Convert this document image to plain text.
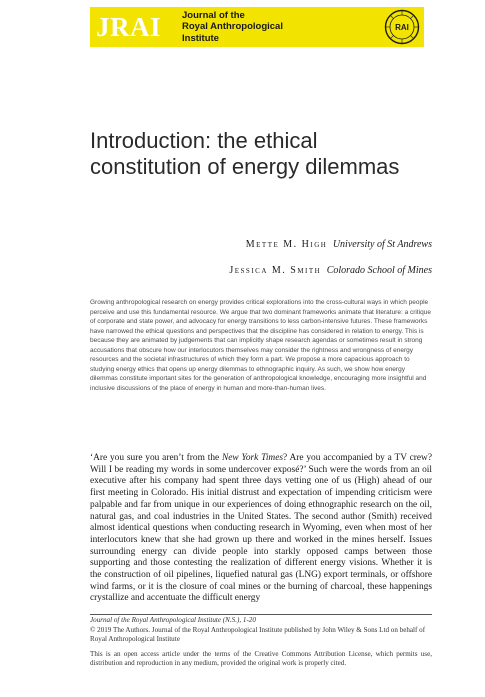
JRAI	Journal of the
Royal Anthropological
Institute
RAI
Introduction: the ethical constitution of energy dilemmas
Mette M. High University of St Andrews
Jessica M. Smith Colorado School of Mines

Growing anthropological research on energy provides critical explorations into the cross-cultural ways in which people perceive and use this fundamental resource. We argue that two dominant frameworks animate that literature: a critique of corporate and state power, and advocacy for energy transitions to less carbon-intensive futures. These frameworks have narrowed the ethical questions and perspectives that the discipline has considered in relation to energy. This is because they are animated by judgements that can implicitly shape research agendas or sometimes result in strong accusations that obscure how our interlocutors themselves may consider the rightness and wrongness of energy resources and the societal infrastructures of which they form a part. We propose a more capacious approach to studying energy ethics that opens up energy dilemmas to ethnographic inquiry. As such, we show how energy dilemmas constitute important sites for the generation of anthropological knowledge, encouraging more insightful and inclusive discussions of the place of energy in human and more-than-human lives.

‘Are you sure you aren’t from the New York Times? Are you accompanied by a TV crew? Will I be reading my words in some undercover exposé?’ Such were the words from an oil executive after his company had spent three days vetting one of us (High) ahead of our first meeting in Colorado. His initial distrust and expectation of impending criticism were palpable and far from unique in our experiences of doing ethnographic research on the oil, natural gas, and coal industries in the United States. The second author (Smith) received almost identical questions when conducting research in Wyoming, even when most of her interlocutors knew that she had grown up there and worked in the mines herself. Issues surrounding energy can divide people into starkly opposed camps between those supporting and those contesting the realization of different energy visions. Whether it is the construction of oil pipelines, liquefied natural gas (LNG) export terminals, or offshore wind farms, or it is the closure of coal mines or the burning of charcoal, these happenings crystallize and accentuate the difficult energy

Journal of the Royal Anthropological Institute (N.S.), 1-20

© 2019 The Authors. Journal of the Royal Anthropological Institute published by John Wiley & Sons Ltd on behalf of Royal Anthropological Institute

This is an open access article under the terms of the Creative Commons Attribution License, which permits use, distribution and reproduction in any medium, provided the original work is properly cited.
